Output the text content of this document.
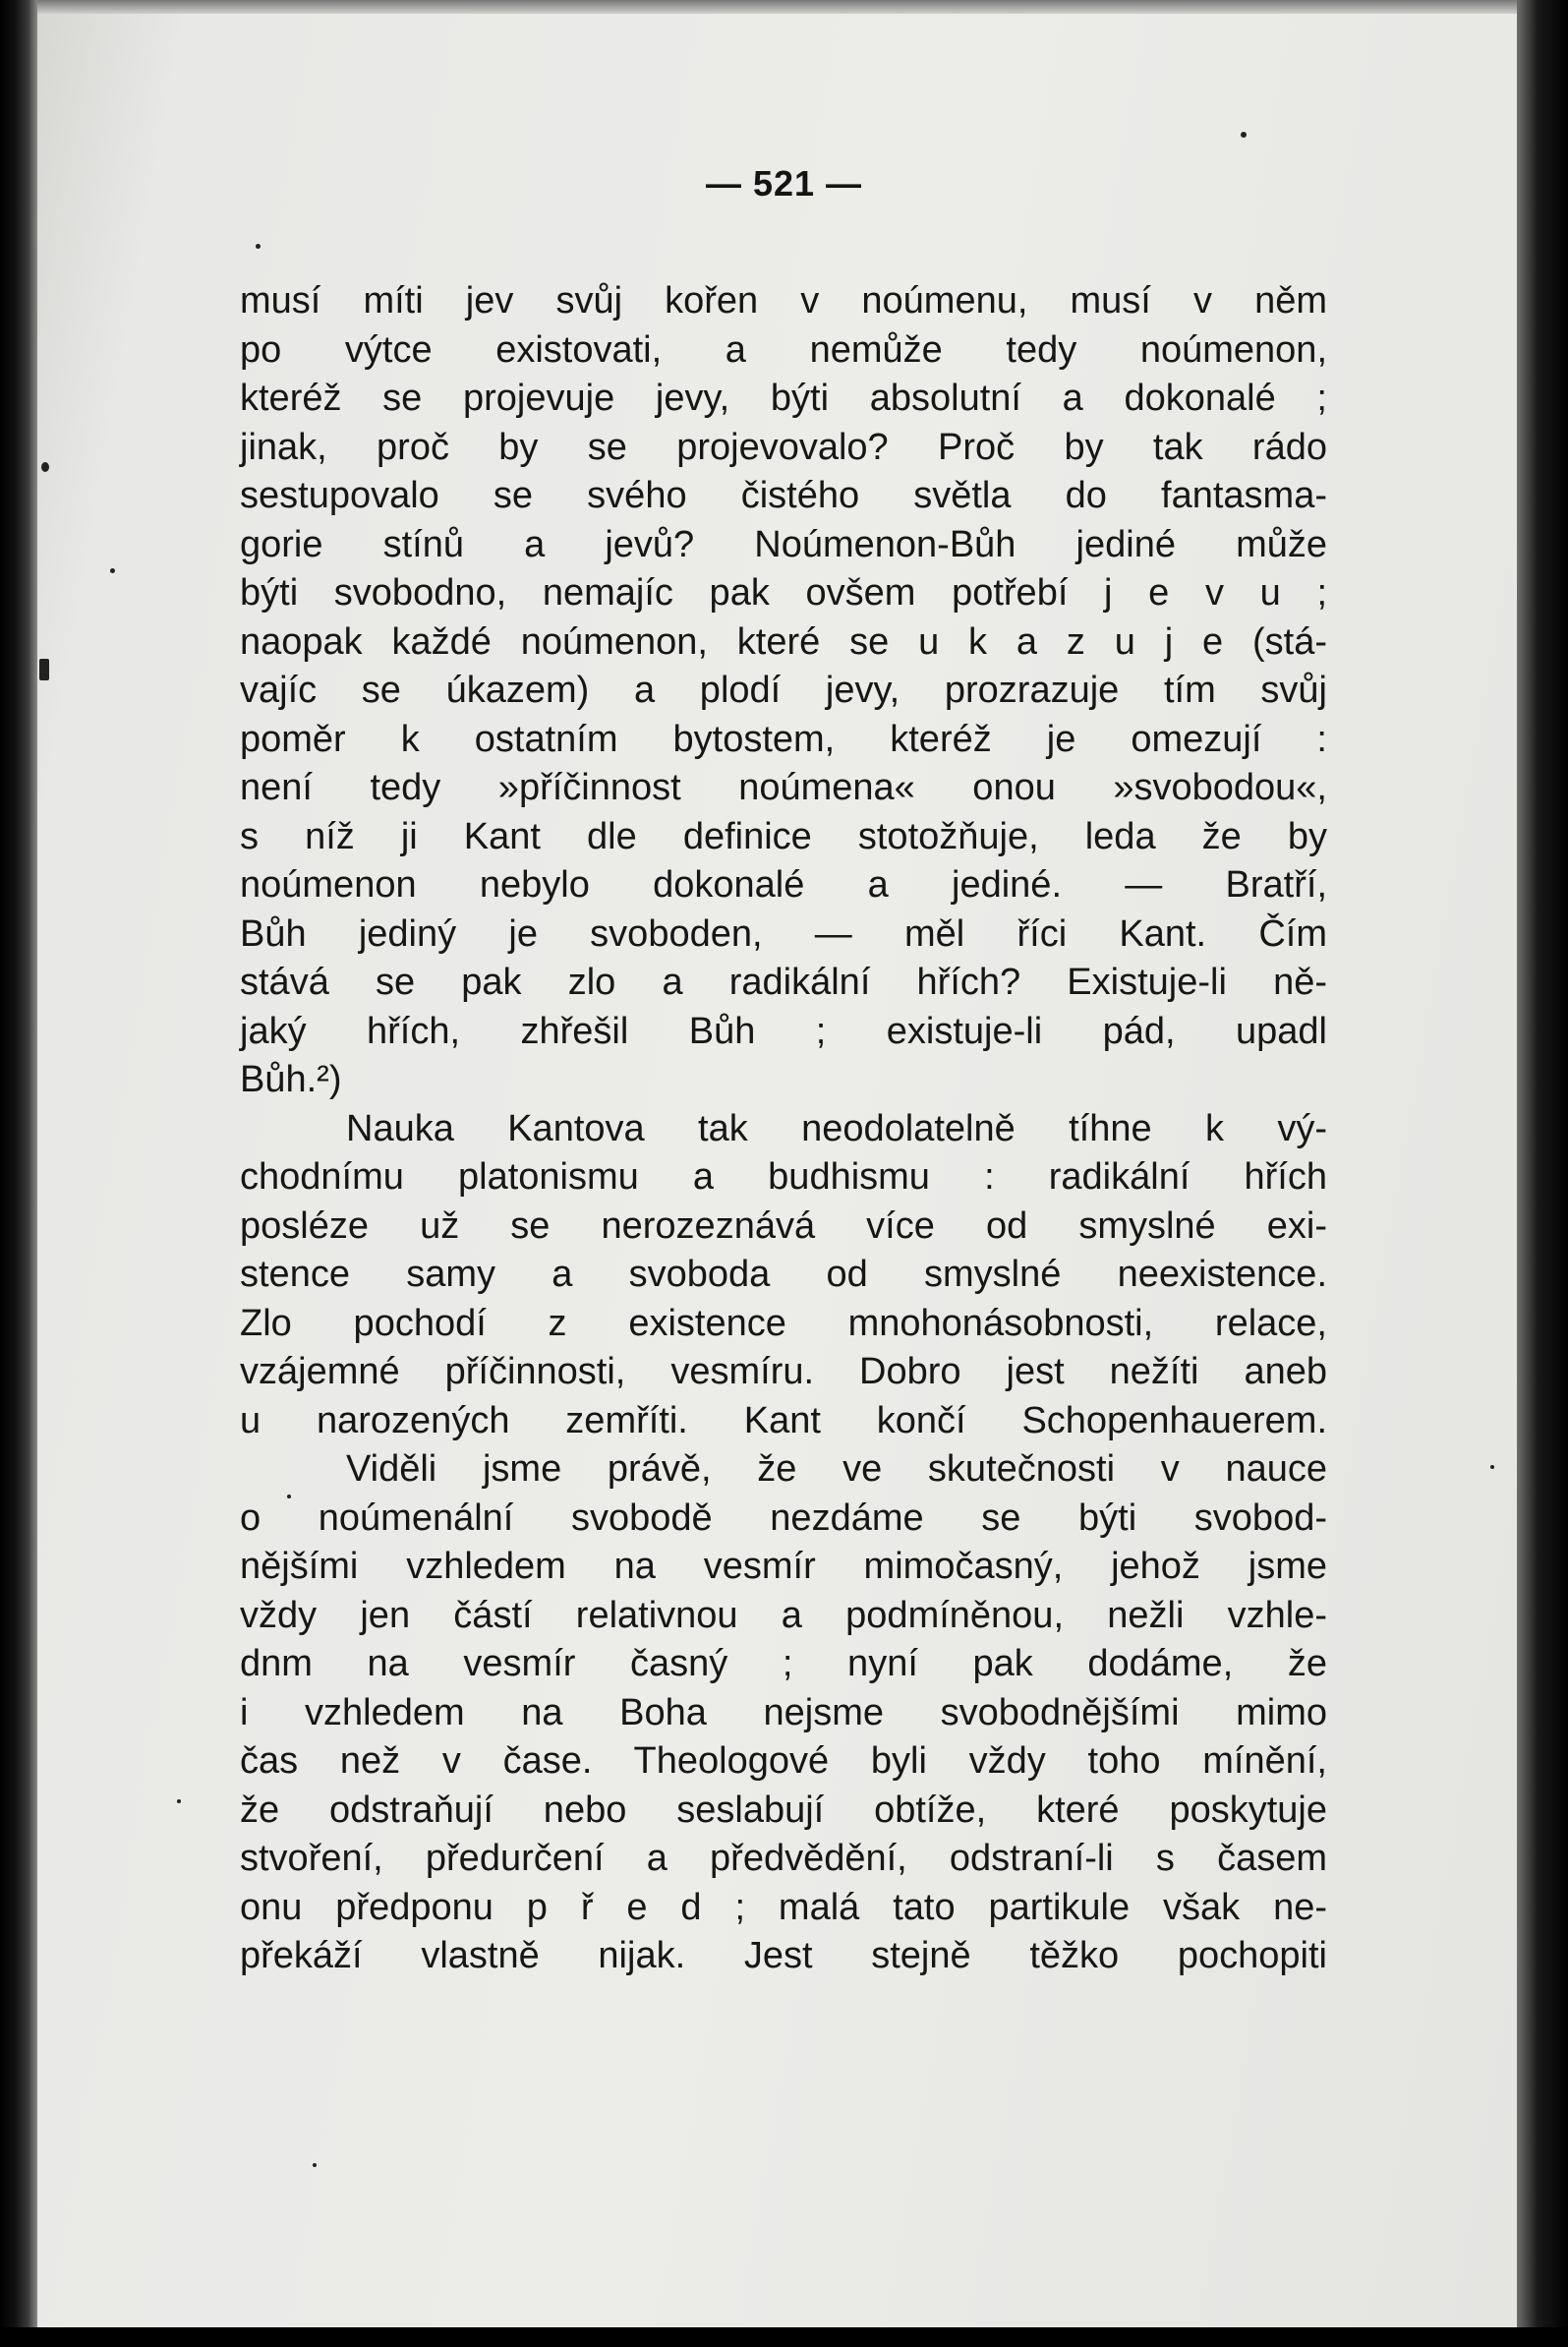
— 521 —
musí míti jev svůj kořen v noúmenu, musí v něm
po výtce existovati, a nemůže tedy noúmenon,
kteréž se projevuje jevy, býti absolutní a dokonalé ;
jinak, proč by se projevovalo? Proč by tak rádo
sestupovalo se svého čistého světla do fantasma-
gorie stínů a jevů? Noúmenon-Bůh jediné může
býti svobodno, nemajíc pak ovšem potřebí j e v u ;
naopak každé noúmenon, které se u k a z u j e (stá-
vajíc se úkazem) a plodí jevy, prozrazuje tím svůj
poměr k ostatním bytostem, kteréž je omezují :
není tedy »příčinnost noúmena« onou »svobodou«,
s níž ji Kant dle definice stotožňuje, leda že by
noúmenon nebylo dokonalé a jediné. — Bratří,
Bůh jediný je svoboden, — měl říci Kant. Čím
stává se pak zlo a radikální hřích? Existuje-li ně-
jaký hřích, zhřešil Bůh ; existuje-li pád, upadl
Bůh.²)
Nauka Kantova tak neodolatelně tíhne k vý-
chodnímu platonismu a budhismu : radikální hřích
posléze už se nerozeznává více od smyslné exi-
stence samy a svoboda od smyslné neexistence.
Zlo pochodí z existence mnohonásobnosti, relace,
vzájemné příčinnosti, vesmíru. Dobro jest nežíti aneb
u narozených zemříti. Kant končí Schopenhauerem.
Viděli jsme právě, že ve skutečnosti v nauce
o noúmenální svobodě nezdáme se býti svobod-
nějšími vzhledem na vesmír mimočasný, jehož jsme
vždy jen částí relativnou a podmíněnou, nežli vzhle-
dnm na vesmír časný ; nyní pak dodáme, že
i vzhledem na Boha nejsme svobodnějšími mimo
čas než v čase. Theologové byli vždy toho mínění,
že odstraňují nebo seslabují obtíže, které poskytuje
stvoření, předurčení a předvědění, odstraní-li s časem
onu předponu p ř e d ; malá tato partikule však ne-
překáží vlastně nijak. Jest stejně těžko pochopiti
